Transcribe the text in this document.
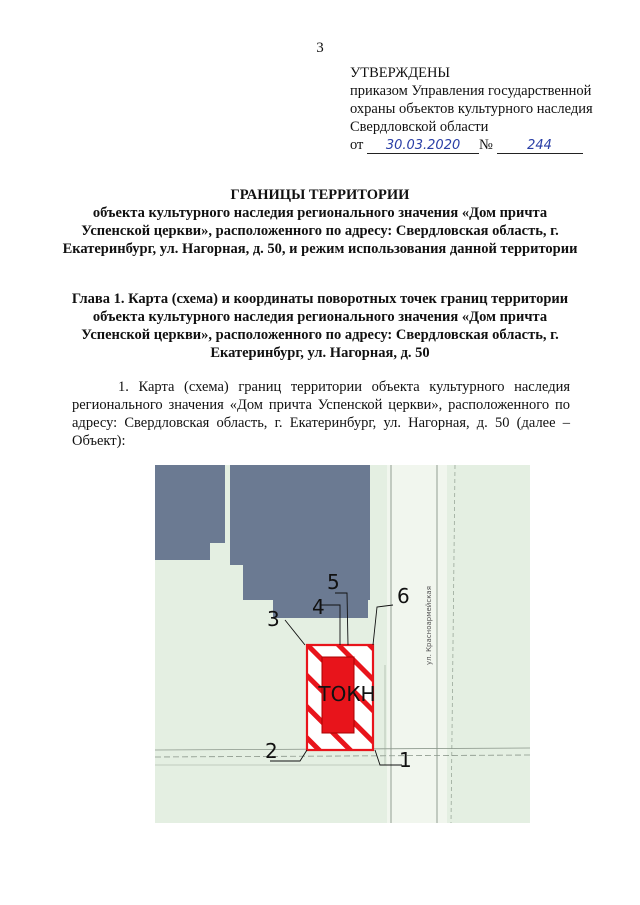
3
УТВЕРЖДЕНЫ
приказом Управления государственной
охраны объектов культурного наследия
Свердловской области
от 30.03.2020 №	244
ГРАНИЦЫ ТЕРРИТОРИИ
объекта культурного наследия регионального значения «Дом причта Успенской церкви», расположенного по адресу: Свердловская область, г. Екатеринбург, ул. Нагорная, д. 50, и режим использования данной территории
Глава 1. Карта (схема) и координаты поворотных точек границ территории объекта культурного наследия регионального значения «Дом причта Успенской церкви», расположенного по адресу: Свердловская область, г. Екатеринбург, ул. Нагорная, д. 50
1. Карта (схема) границ территории объекта культурного наследия регионального значения «Дом причта Успенской церкви», расположенного по адресу: Свердловская область, г. Екатеринбург, ул. Нагорная, д. 50 (далее – Объект):
ТОКН
ул. Красноармейская
1
2
3 4
5
6
